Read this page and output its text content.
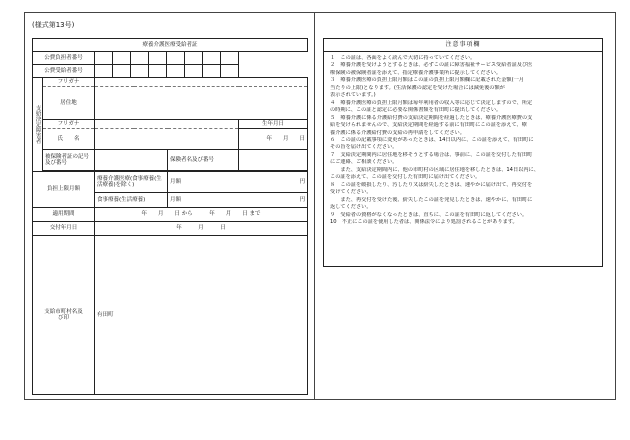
(様式第13号)
療養介護医療受給者証				
公費負担者番号			

公費受給者番号			

支給決定障害者	フリガナ			
	居住地			
	フリガナ			生年月日
	氏　　名			年　　月　　日
	被保険者証の記号及び番号		保険者名及び番号	

負担上限月額		療養介護医療(食事療養(生活療養)を除く)	月額	円
		食事療養(生活療養)	月額	円
適用期間		年　　月　　日 から　　　年　　月　　日 まで		
交付年月日		年　　　月　　　日		
支給市町村名及び印		有田町		
注意事項欄
１　この証は、各面をよく読んで大切に持っていてください。
２　療養介護を受けようとするときは、必ずこの証に障害福祉サービス受給者証及び医
療保険の被保険者証を添えて、指定療養介護事業所に提示してください。
３　療養介護医療の負担上限月額はこの証の負担上限月額欄に記載された金額(一月
当たりの上限)となります。(生活保護の認定を受けた場合には減免後の額が
表示されています。)
４　療養介護医療の負担上限月額は毎年利用者の収入等に応じて決定しますので、所定
の時期に、この証と認定に必要な関係書類を有田町に提出してください。
５　療養介護に係る介護給付費の支給決定期間を経過したときは、療養介護医療費の支
給を受けられませんので、支給決定期間を経過する前に有田町にこの証を添えて、療
養介護に係る介護給付費の支給の再申請をしてください。
６　この証の記載事項に変更があったときは、14日以内に、この証を添えて、有田町に
その旨を届け出てください。
７　支給決定期間内に居住地を移そうとする場合は、事前に、この証を交付した有田町
にご連絡、ご相談ください。
　　また、支給決定期間内に、他の市町村の区域に居住地を移したときは、14日以内に、
この証を添えて、この証を交付した有田町に届け出てください。
８　この証を破損したり、汚したり又は紛失したときは、速やかに届け出て、再交付を
受けてください。
　　また、再交付を受けた後、紛失したこの証を発見したときは、速やかに、有田町に
返してください。
９　受給者の資格がなくなったときは、直ちに、この証を有田町に返してください。
10　不正にこの証を使用した者は、関係法令により処罰されることがあります。
